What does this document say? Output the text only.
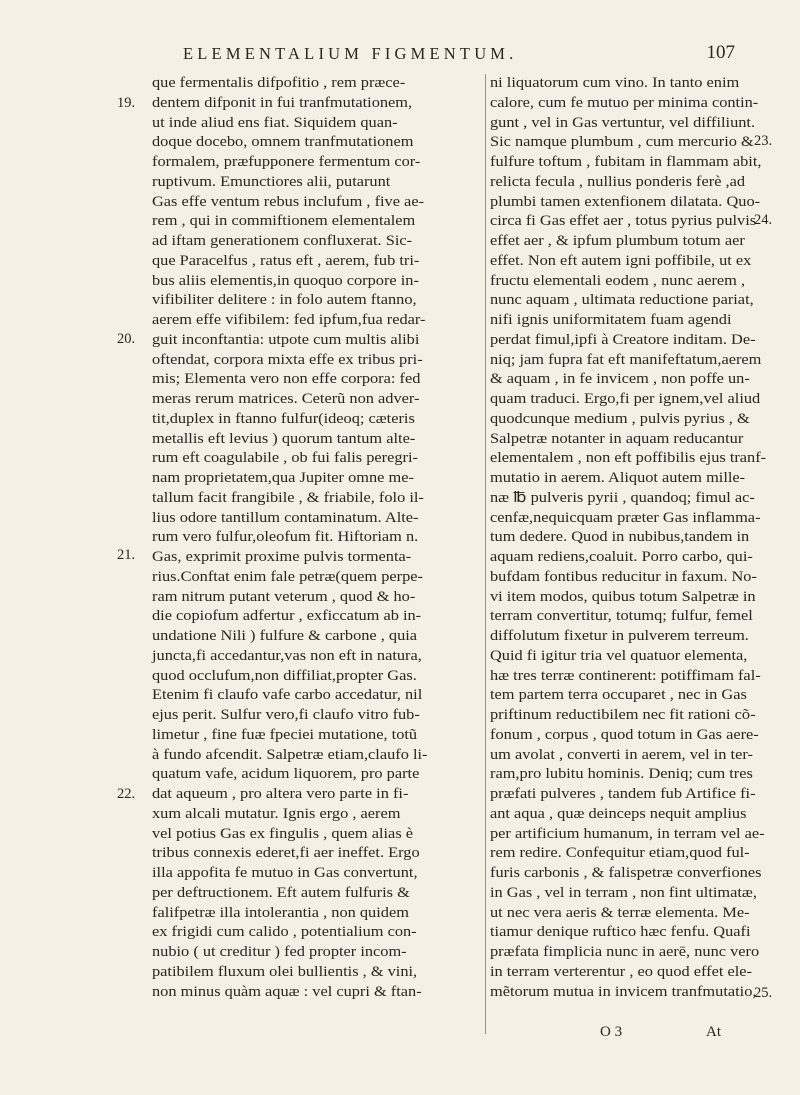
ELEMENTALIUM FIGMENTUM.	107
que fermentalis difpofitio , rem præce-
dentem difponit in fui tranfmutationem,
ut inde aliud ens fiat. Siquidem quan-
doque docebo, omnem tranfmutationem
formalem, præfupponere fermentum cor-
ruptivum. Emunctiores alii, putarunt
Gas effe ventum rebus inclufum , five ae-
rem , qui in commiftionem elementalem
ad iftam generationem confluxerat. Sic-
que Paracelfus , ratus eft , aerem, fub tri-
bus aliis elementis,in quoquo corpore in-
vifibiliter delitere : in folo autem ftanno,
aerem effe vifibilem: fed ipfum,fua redar-
guit inconftantia: utpote cum multis alibi
oftendat, corpora mixta effe ex tribus pri-
mis; Elementa vero non effe corpora: fed
meras rerum matrices. Ceterũ non adver-
tit,duplex in ftanno fulfur(ideoq; cæteris
metallis eft levius ) quorum tantum alte-
rum eft coagulabile , ob fui falis peregri-
nam proprietatem,qua Jupiter omne me-
tallum facit frangibile , & friabile, folo il-
lius odore tantillum contaminatum. Alte-
rum vero fulfur,oleofum fit. Hiftoriam n.
Gas, exprimit proxime pulvis tormenta-
rius.Conftat enim fale petræ(quem perpe-
ram nitrum putant veterum , quod & ho-
die copiofum adfertur , exficcatum ab in-
undatione Nili ) fulfure & carbone , quia
juncta,fi accedantur,vas non eft in natura,
quod occlufum,non diffiliat,propter Gas.
Etenim fi claufo vafe carbo accedatur, nil
ejus perit. Sulfur vero,fi claufo vitro fub-
limetur , fine fuæ fpeciei mutatione, totũ
à fundo afcendit. Salpetræ etiam,claufo li-
quatum vafe, acidum liquorem, pro parte
dat aqueum , pro altera vero parte in fi-
xum alcali mutatur. Ignis ergo , aerem
vel potius Gas ex fingulis , quem alias è
tribus connexis ederet,fi aer ineffet. Ergo
illa appofita fe mutuo in Gas convertunt,
per deftructionem. Eft autem fulfuris &
falifpetræ illa intolerantia , non quidem
ex frigidi cum calido , potentialium con-
nubio ( ut creditur ) fed propter incom-
patibilem fluxum olei bullientis , & vini,
non minus quàm aquæ : vel cupri & ftan-
ni liquatorum cum vino. In tanto enim
calore, cum fe mutuo per minima contin-
gunt , vel in Gas vertuntur, vel diffiliunt.
Sic namque plumbum , cum mercurio &
fulfure toftum , fubitam in flammam abit,
relicta fecula , nullius ponderis ferè ,ad
plumbi tamen extenfionem dilatata. Quo-
circa fi Gas effet aer , totus pyrius pulvis
effet aer , & ipfum plumbum totum aer
effet. Non eft autem igni poffibile, ut ex
fructu elementali eodem , nunc aerem ,
nunc aquam , ultimata reductione pariat,
nifi ignis uniformitatem fuam agendi
perdat fimul,ipfi à Creatore inditam. De-
niq; jam fupra fat eft manifeftatum,aerem
& aquam , in fe invicem , non poffe un-
quam traduci. Ergo,fi per ignem,vel aliud
quodcunque medium , pulvis pyrius , &
Salpetræ notanter in aquam reducantur
elementalem , non eft poffibilis ejus tranf-
mutatio in aerem. Aliquot autem mille-
næ ℔ pulveris pyrii , quandoq; fimul ac-
cenfæ,nequicquam præter Gas inflamma-
tum dedere. Quod in nubibus,tandem in
aquam rediens,coaluit. Porro carbo, qui-
bufdam fontibus reducitur in faxum. No-
vi item modos, quibus totum Salpetræ in
terram convertitur, totumq; fulfur, femel
diffolutum fixetur in pulverem terreum.
Quid fi igitur tria vel quatuor elementa,
hæ tres terræ continerent: potiffimam fal-
tem partem terra occuparet , nec in Gas
priftinum reductibilem nec fit rationi cõ-
fonum , corpus , quod totum in Gas aere-
um avolat , converti in aerem, vel in ter-
ram,pro lubitu hominis. Deniq; cum tres
præfati pulveres , tandem fub Artifice fi-
ant aqua , quæ deinceps nequit amplius
per artificium humanum, in terram vel ae-
rem redire. Confequitur etiam,quod ful-
furis carbonis , & falispetræ converfiones
in Gas , vel in terram , non fint ultimatæ,
ut nec vera aeris & terræ elementa. Me-
tiamur denique ruftico hæc fenfu. Quafi
præfata fimplicia nunc in aerē, nunc vero
in terram verterentur , eo quod effet ele-
mẽtorum mutua in invicem tranfmutatio,
19.
20.
21.
22.
23.
24.
25.
O 3	At
